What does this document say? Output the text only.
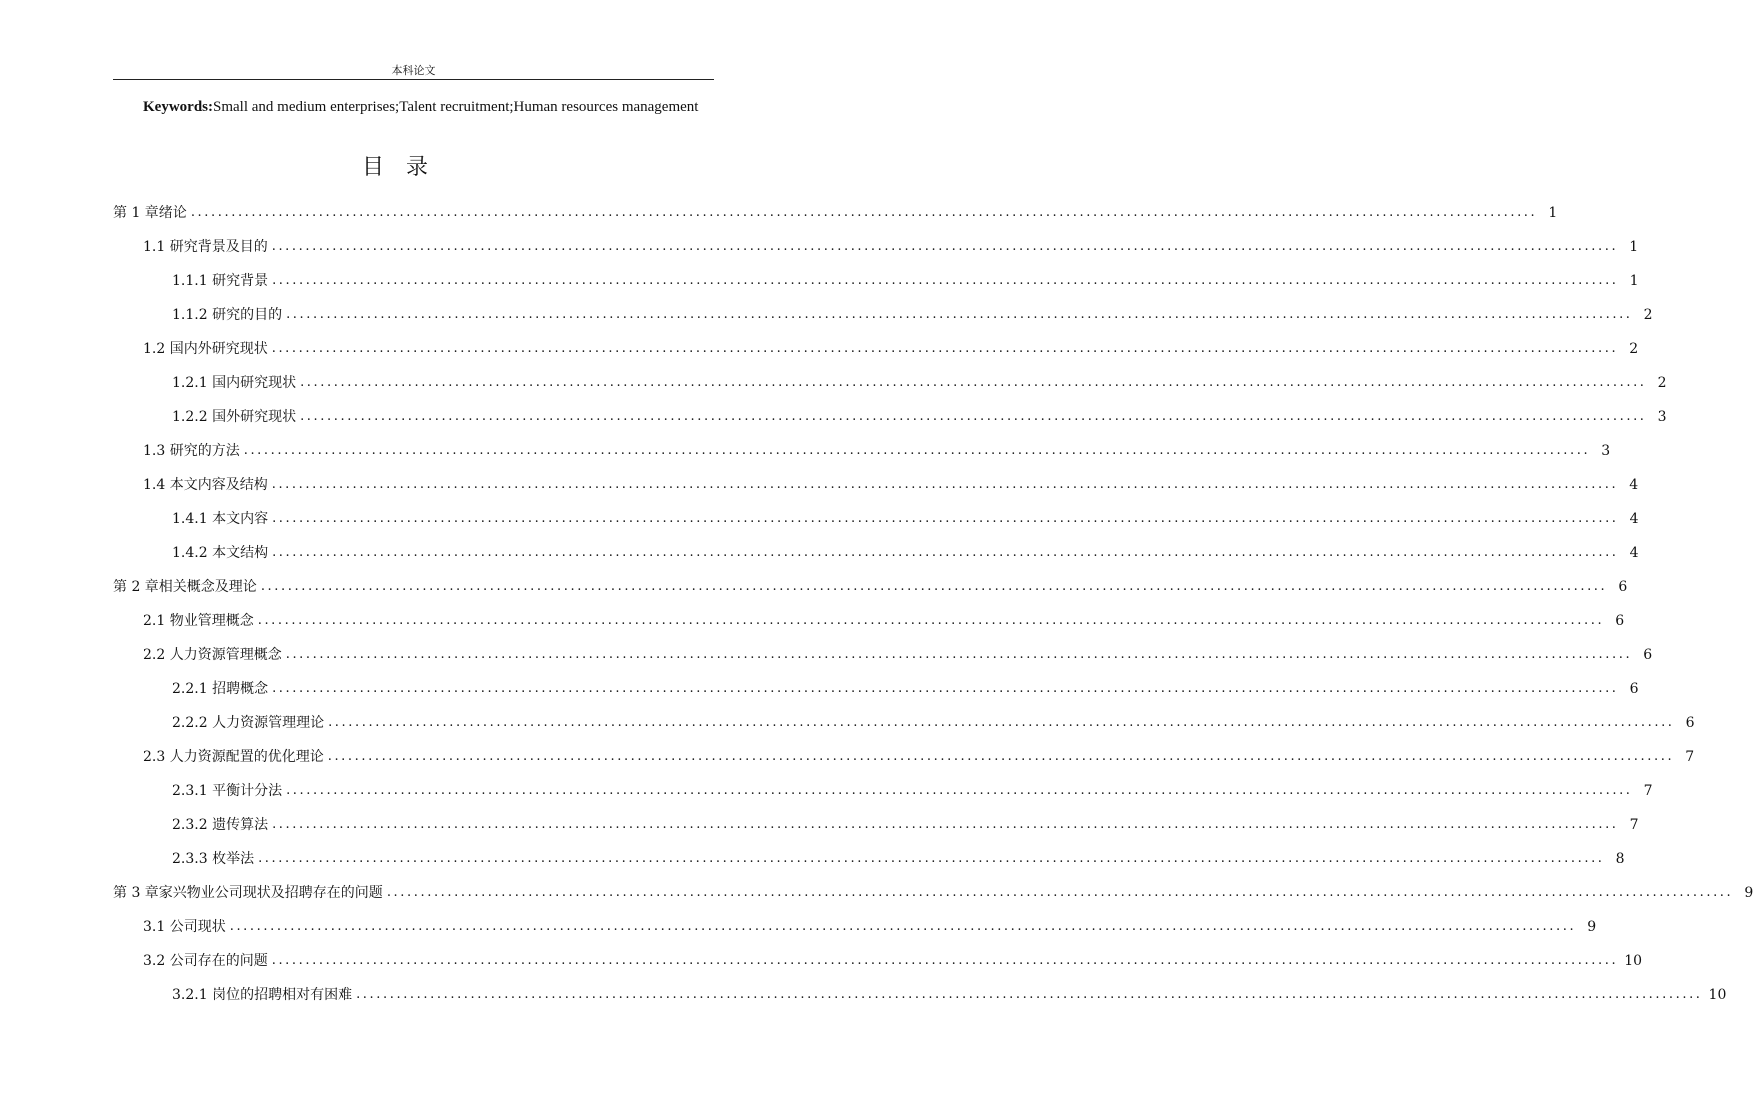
本科论文
Keywords:Small and medium enterprises;Talent recruitment;Human resources management
目录
第 1 章绪论 ........................................................................................................................................................................................................ 1
1.1 研究背景及目的 ........................................................................................................................................................................................................ 1
1.1.1 研究背景 ........................................................................................................................................................................................................ 1
1.1.2 研究的目的 ........................................................................................................................................................................................................ 2
1.2 国内外研究现状 ........................................................................................................................................................................................................ 2
1.2.1 国内研究现状 ........................................................................................................................................................................................................ 2
1.2.2 国外研究现状 ........................................................................................................................................................................................................ 3
1.3 研究的方法 ........................................................................................................................................................................................................ 3
1.4 本文内容及结构 ........................................................................................................................................................................................................ 4
1.4.1 本文内容 ........................................................................................................................................................................................................ 4
1.4.2 本文结构 ........................................................................................................................................................................................................ 4
第 2 章相关概念及理论 ........................................................................................................................................................................................................ 6
2.1 物业管理概念 ........................................................................................................................................................................................................ 6
2.2 人力资源管理概念 ........................................................................................................................................................................................................ 6
2.2.1 招聘概念 ........................................................................................................................................................................................................ 6
2.2.2 人力资源管理理论 ........................................................................................................................................................................................................ 6
2.3 人力资源配置的优化理论 ........................................................................................................................................................................................................ 7
2.3.1 平衡计分法 ........................................................................................................................................................................................................ 7
2.3.2 遗传算法 ........................................................................................................................................................................................................ 7
2.3.3 枚举法 ........................................................................................................................................................................................................ 8
第 3 章家兴物业公司现状及招聘存在的问题 ........................................................................................................................................................................................................ 9
3.1 公司现状 ........................................................................................................................................................................................................ 9
3.2 公司存在的问题 ........................................................................................................................................................................................................ 10
3.2.1 岗位的招聘相对有困难 ........................................................................................................................................................................................................ 10
